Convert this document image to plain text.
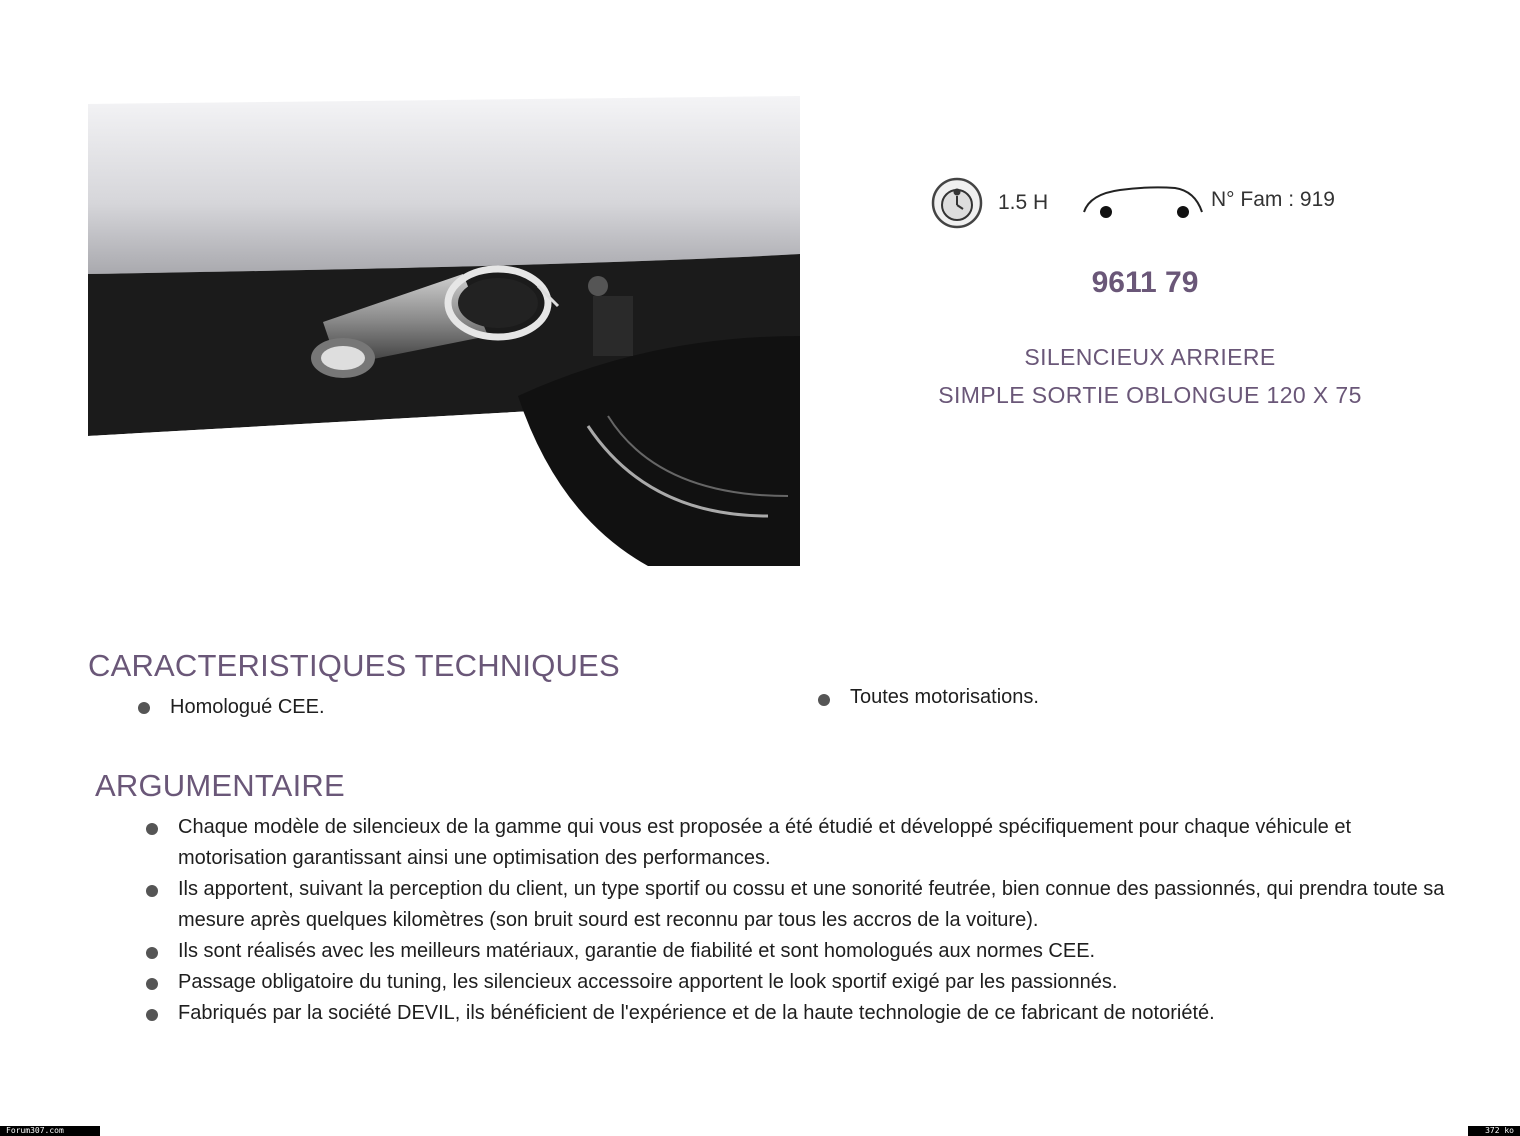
1.5 H	N° Fam : 919
9611 79
SILENCIEUX ARRIERE
SIMPLE SORTIE OBLONGUE 120 X 75
CARACTERISTIQUES TECHNIQUES
Homologué CEE.	Toutes motorisations.
ARGUMENTAIRE
Chaque modèle de silencieux de la gamme qui vous est proposée a été étudié et développé spécifiquement pour chaque véhicule et motorisation garantissant ainsi une optimisation des performances.
Ils apportent, suivant la perception du client, un type sportif ou cossu et une sonorité feutrée, bien connue des passionnés, qui prendra toute sa mesure après quelques kilomètres (son bruit sourd est reconnu par tous les accros de la voiture).
Ils sont réalisés avec les meilleurs matériaux, garantie de fiabilité et sont homologués aux normes CEE.
Passage obligatoire du tuning, les silencieux accessoire apportent le look sportif exigé par les passionnés.
Fabriqués par la société DEVIL, ils bénéficient de l'expérience et de la haute technologie de ce fabricant de notoriété.
Forum307.com	372 ko
